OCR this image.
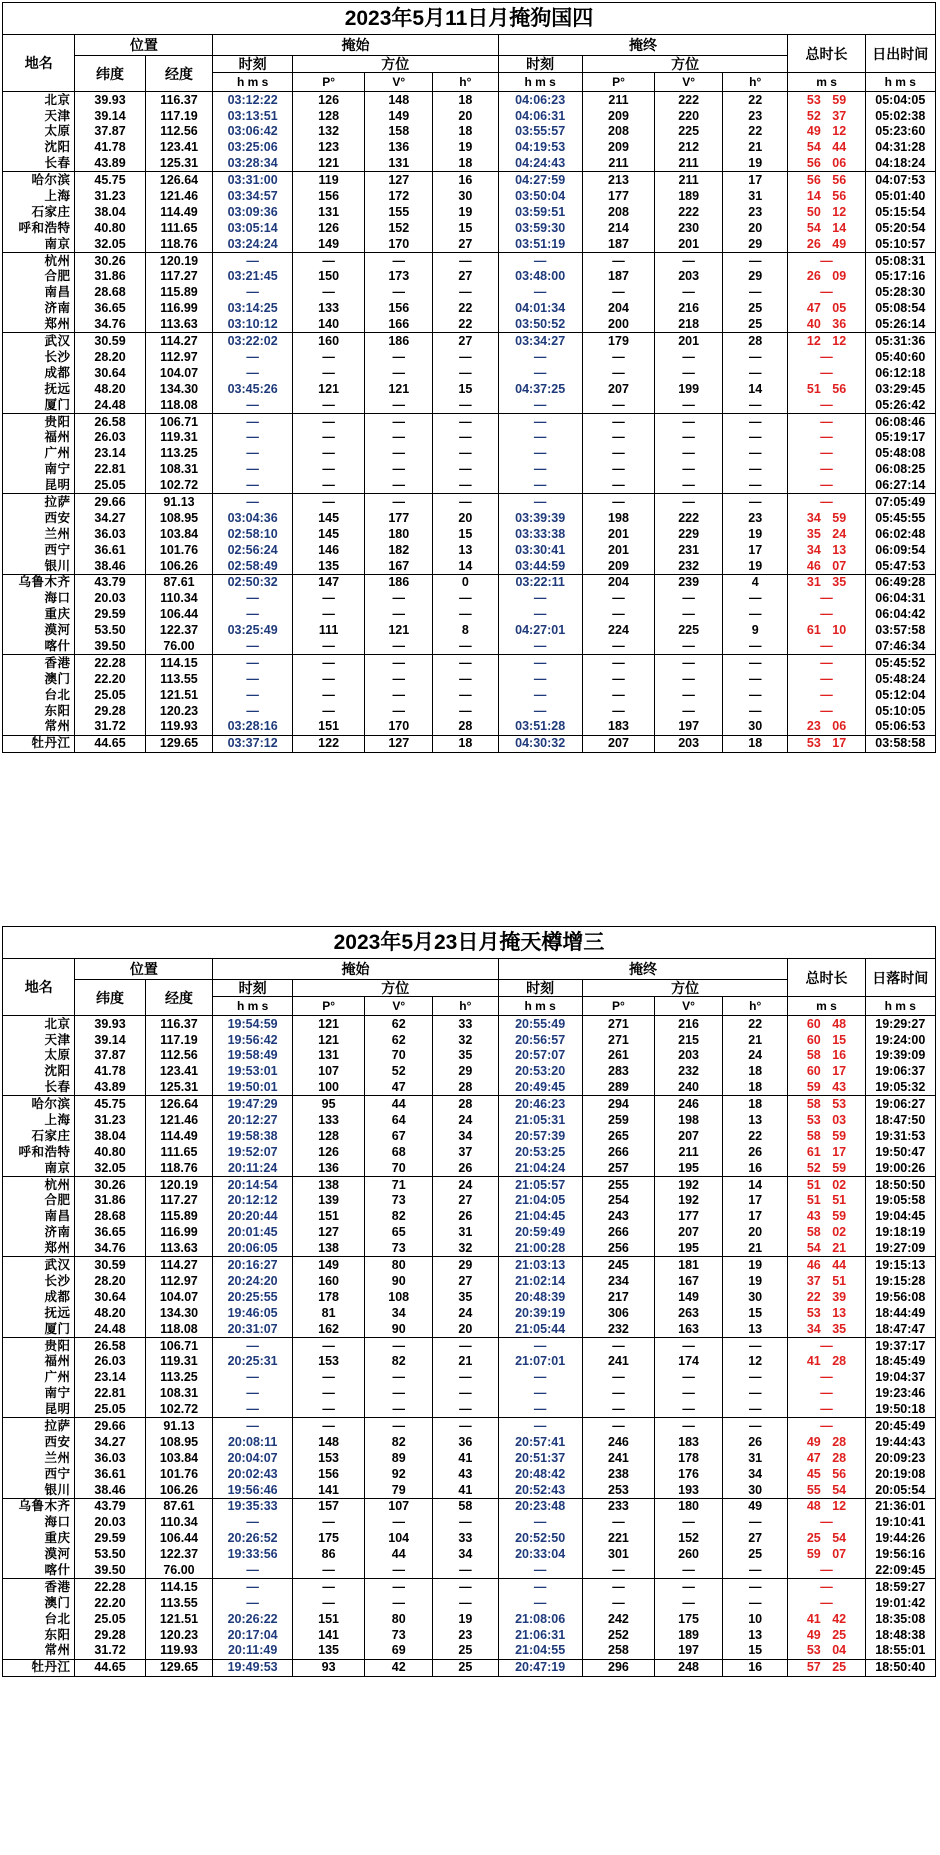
2023年5月11日月掩狗国四												
地名	位置		掩始				掩终				总时长	日出时间
	纬度	经度	时刻	方位			时刻	方位				
			h m s	P°	V°	h°	h m s	P°	V°	h°	m s	h m s
北京	39.93	116.37	03:12:22	126	148	18	04:06:23	211	222	22	53 59	05:04:05
天津	39.14	117.19	03:13:51	128	149	20	04:06:31	209	220	23	52 37	05:02:38
太原	37.87	112.56	03:06:42	132	158	18	03:55:57	208	225	22	49 12	05:23:60
沈阳	41.78	123.41	03:25:06	123	136	19	04:19:53	209	212	21	54 44	04:31:28
长春	43.89	125.31	03:28:34	121	131	18	04:24:43	211	211	19	56 06	04:18:24
哈尔滨	45.75	126.64	03:31:00	119	127	16	04:27:59	213	211	17	56 56	04:07:53
上海	31.23	121.46	03:34:57	156	172	30	03:50:04	177	189	31	14 56	05:01:40
石家庄	38.04	114.49	03:09:36	131	155	19	03:59:51	208	222	23	50 12	05:15:54
呼和浩特	40.80	111.65	03:05:14	126	152	15	03:59:30	214	230	20	54 14	05:20:54
南京	32.05	118.76	03:24:24	149	170	27	03:51:19	187	201	29	26 49	05:10:57
杭州	30.26	120.19	—	—	—	—	—	—	—	—	—	05:08:31
合肥	31.86	117.27	03:21:45	150	173	27	03:48:00	187	203	29	26 09	05:17:16
南昌	28.68	115.89	—	—	—	—	—	—	—	—	—	05:28:30
济南	36.65	116.99	03:14:25	133	156	22	04:01:34	204	216	25	47 05	05:08:54
郑州	34.76	113.63	03:10:12	140	166	22	03:50:52	200	218	25	40 36	05:26:14
武汉	30.59	114.27	03:22:02	160	186	27	03:34:27	179	201	28	12 12	05:31:36
长沙	28.20	112.97	—	—	—	—	—	—	—	—	—	05:40:60
成都	30.64	104.07	—	—	—	—	—	—	—	—	—	06:12:18
抚远	48.20	134.30	03:45:26	121	121	15	04:37:25	207	199	14	51 56	03:29:45
厦门	24.48	118.08	—	—	—	—	—	—	—	—	—	05:26:42
贵阳	26.58	106.71	—	—	—	—	—	—	—	—	—	06:08:46
福州	26.03	119.31	—	—	—	—	—	—	—	—	—	05:19:17
广州	23.14	113.25	—	—	—	—	—	—	—	—	—	05:48:08
南宁	22.81	108.31	—	—	—	—	—	—	—	—	—	06:08:25
昆明	25.05	102.72	—	—	—	—	—	—	—	—	—	06:27:14
拉萨	29.66	91.13	—	—	—	—	—	—	—	—	—	07:05:49
西安	34.27	108.95	03:04:36	145	177	20	03:39:39	198	222	23	34 59	05:45:55
兰州	36.03	103.84	02:58:10	145	180	15	03:33:38	201	229	19	35 24	06:02:48
西宁	36.61	101.76	02:56:24	146	182	13	03:30:41	201	231	17	34 13	06:09:54
银川	38.46	106.26	02:58:49	135	167	14	03:44:59	209	232	19	46 07	05:47:53
乌鲁木齐	43.79	87.61	02:50:32	147	186	0	03:22:11	204	239	4	31 35	06:49:28
海口	20.03	110.34	—	—	—	—	—	—	—	—	—	06:04:31
重庆	29.59	106.44	—	—	—	—	—	—	—	—	—	06:04:42
漠河	53.50	122.37	03:25:49	111	121	8	04:27:01	224	225	9	61 10	03:57:58
喀什	39.50	76.00	—	—	—	—	—	—	—	—	—	07:46:34
香港	22.28	114.15	—	—	—	—	—	—	—	—	—	05:45:52
澳门	22.20	113.55	—	—	—	—	—	—	—	—	—	05:48:24
台北	25.05	121.51	—	—	—	—	—	—	—	—	—	05:12:04
东阳	29.28	120.23	—	—	—	—	—	—	—	—	—	05:10:05
常州	31.72	119.93	03:28:16	151	170	28	03:51:28	183	197	30	23 06	05:06:53
牡丹江	44.65	129.65	03:37:12	122	127	18	04:30:32	207	203	18	53 17	03:58:58
2023年5月23日月掩天樽增三												
地名	位置		掩始				掩终				总时长	日落时间
	纬度	经度	时刻	方位			时刻	方位				
			h m s	P°	V°	h°	h m s	P°	V°	h°	m s	h m s
北京	39.93	116.37	19:54:59	121	62	33	20:55:49	271	216	22	60 48	19:29:27
天津	39.14	117.19	19:56:42	121	62	32	20:56:57	271	215	21	60 15	19:24:00
太原	37.87	112.56	19:58:49	131	70	35	20:57:07	261	203	24	58 16	19:39:09
沈阳	41.78	123.41	19:53:01	107	52	29	20:53:20	283	232	18	60 17	19:06:37
长春	43.89	125.31	19:50:01	100	47	28	20:49:45	289	240	18	59 43	19:05:32
哈尔滨	45.75	126.64	19:47:29	95	44	28	20:46:23	294	246	18	58 53	19:06:27
上海	31.23	121.46	20:12:27	133	64	24	21:05:31	259	198	13	53 03	18:47:50
石家庄	38.04	114.49	19:58:38	128	67	34	20:57:39	265	207	22	58 59	19:31:53
呼和浩特	40.80	111.65	19:52:07	126	68	37	20:53:25	266	211	26	61 17	19:50:47
南京	32.05	118.76	20:11:24	136	70	26	21:04:24	257	195	16	52 59	19:00:26
杭州	30.26	120.19	20:14:54	138	71	24	21:05:57	255	192	14	51 02	18:50:50
合肥	31.86	117.27	20:12:12	139	73	27	21:04:05	254	192	17	51 51	19:05:58
南昌	28.68	115.89	20:20:44	151	82	26	21:04:45	243	177	17	43 59	19:04:45
济南	36.65	116.99	20:01:45	127	65	31	20:59:49	266	207	20	58 02	19:18:19
郑州	34.76	113.63	20:06:05	138	73	32	21:00:28	256	195	21	54 21	19:27:09
武汉	30.59	114.27	20:16:27	149	80	29	21:03:13	245	181	19	46 44	19:15:13
长沙	28.20	112.97	20:24:20	160	90	27	21:02:14	234	167	19	37 51	19:15:28
成都	30.64	104.07	20:25:55	178	108	35	20:48:39	217	149	30	22 39	19:56:08
抚远	48.20	134.30	19:46:05	81	34	24	20:39:19	306	263	15	53 13	18:44:49
厦门	24.48	118.08	20:31:07	162	90	20	21:05:44	232	163	13	34 35	18:47:47
贵阳	26.58	106.71	—	—	—	—	—	—	—	—	—	19:37:17
福州	26.03	119.31	20:25:31	153	82	21	21:07:01	241	174	12	41 28	18:45:49
广州	23.14	113.25	—	—	—	—	—	—	—	—	—	19:04:37
南宁	22.81	108.31	—	—	—	—	—	—	—	—	—	19:23:46
昆明	25.05	102.72	—	—	—	—	—	—	—	—	—	19:50:18
拉萨	29.66	91.13	—	—	—	—	—	—	—	—	—	20:45:49
西安	34.27	108.95	20:08:11	148	82	36	20:57:41	246	183	26	49 28	19:44:43
兰州	36.03	103.84	20:04:07	153	89	41	20:51:37	241	178	31	47 28	20:09:23
西宁	36.61	101.76	20:02:43	156	92	43	20:48:42	238	176	34	45 56	20:19:08
银川	38.46	106.26	19:56:46	141	79	41	20:52:43	253	193	30	55 54	20:05:54
乌鲁木齐	43.79	87.61	19:35:33	157	107	58	20:23:48	233	180	49	48 12	21:36:01
海口	20.03	110.34	—	—	—	—	—	—	—	—	—	19:10:41
重庆	29.59	106.44	20:26:52	175	104	33	20:52:50	221	152	27	25 54	19:44:26
漠河	53.50	122.37	19:33:56	86	44	34	20:33:04	301	260	25	59 07	19:56:16
喀什	39.50	76.00	—	—	—	—	—	—	—	—	—	22:09:45
香港	22.28	114.15	—	—	—	—	—	—	—	—	—	18:59:27
澳门	22.20	113.55	—	—	—	—	—	—	—	—	—	19:01:42
台北	25.05	121.51	20:26:22	151	80	19	21:08:06	242	175	10	41 42	18:35:08
东阳	29.28	120.23	20:17:04	141	73	23	21:06:31	252	189	13	49 25	18:48:38
常州	31.72	119.93	20:11:49	135	69	25	21:04:55	258	197	15	53 04	18:55:01
牡丹江	44.65	129.65	19:49:53	93	42	25	20:47:19	296	248	16	57 25	18:50:40
